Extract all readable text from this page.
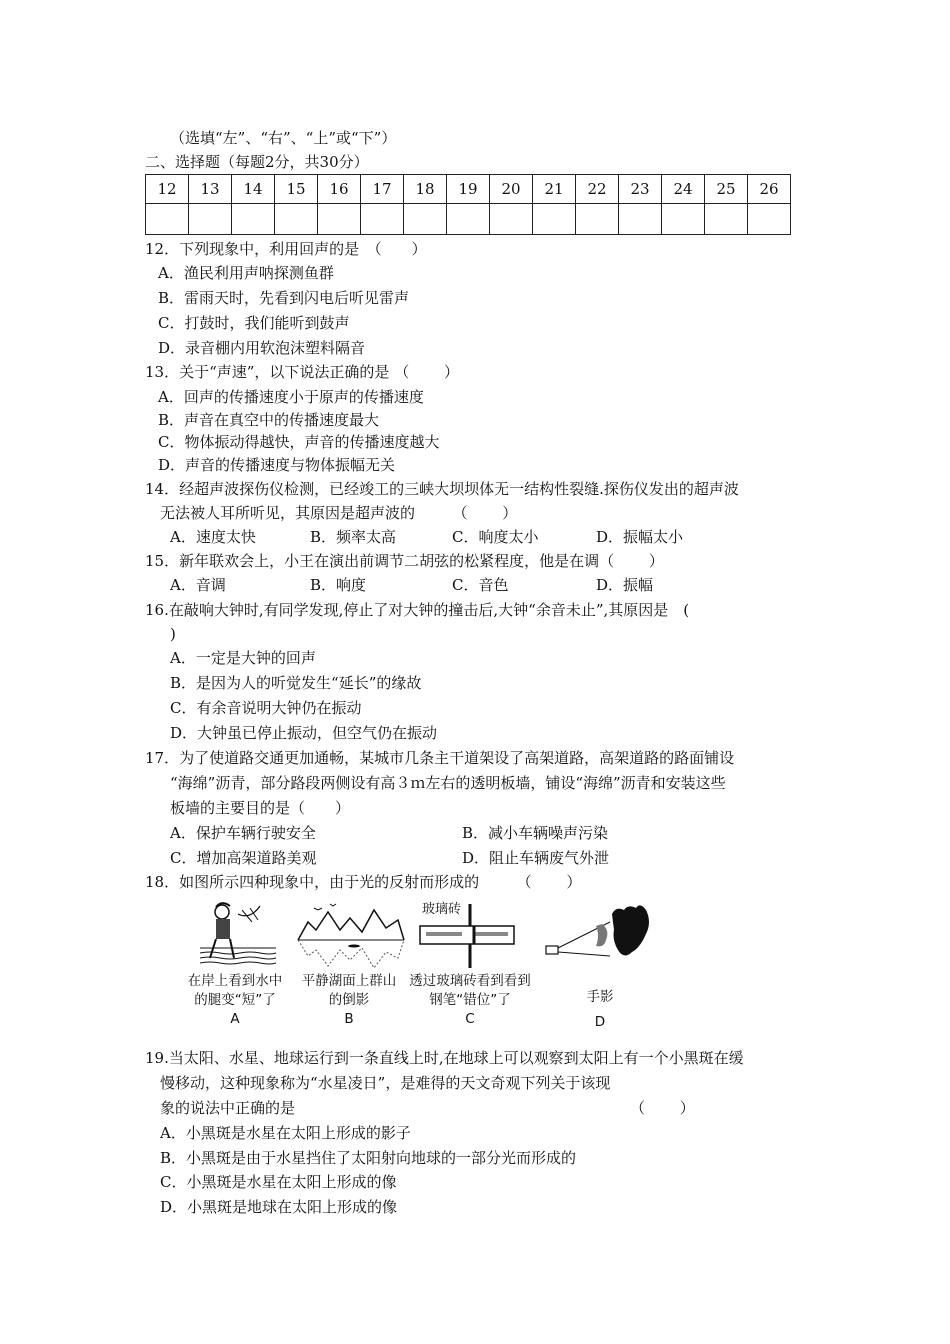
（选填“左”、“右”、“上”或“下”）
二、选择题（每题2分，共30分）
12	13	14	15	16	17	18	19	20	21	22	23	24	25	26

12．下列现象中，利用回声的是　（　　）
A．渔民利用声呐探测鱼群
B．雷雨天时，先看到闪电后听见雷声
C．打鼓时，我们能听到鼓声
D．录音棚内用软泡沫塑料隔音
13．关于“声速”，以下说法正确的是 （　　 ）
A．回声的传播速度小于原声的传播速度
B．声音在真空中的传播速度最大
C．物体振动得越快，声音的传播速度越大
D．声音的传播速度与物体振幅无关
14．经超声波探伤仪检测，已经竣工的三峡大坝坝体无一结构性裂缝.探伤仪发出的超声波
无法被人耳所听见，其原因是超声波的　　　（　　 ）
A．速度太快	B．频率太高	C．响度太小	D．振幅太小
15．新年联欢会上，小王在演出前调节二胡弦的松紧程度，他是在调（　　 ）
A．音调	B．响度	C．音色	D．振幅
16.在敲响大钟时,有同学发现,停止了对大钟的撞击后,大钟“余音未止”,其原因是　(
)
A．一定是大钟的回声
B．是因为人的听觉发生“延长”的缘故
C．有余音说明大钟仍在振动
D．大钟虽已停止振动，但空气仍在振动
17．为了使道路交通更加通畅，某城市几条主干道架设了高架道路，高架道路的路面铺设
“海绵”沥青，部分路段两侧设有高３ｍ左右的透明板墙，铺设“海绵”沥青和安装这些
板墙的主要目的是（　　）
A．保护车辆行驶安全	B．减小车辆噪声污染
C．增加高架道路美观	D．阻止车辆废气外泄
18．如图所示四种现象中，由于光的反射而形成的　　　（　　 ）
玻璃砖
在岸上看到水中
的腿变“短”了
A
平静湖面上群山
的倒影
B
透过玻璃砖看到看到
钢笔“错位”了
C
手影
D
19.当太阳、水星、地球运行到一条直线上时,在地球上可以观察到太阳上有一个小黑斑在缓
慢移动，这种现象称为“水星凌日”，是难得的天文奇观下列关于该现
象的说法中正确的是	（　　 ）
A．小黑斑是水星在太阳上形成的影子
B．小黑斑是由于水星挡住了太阳射向地球的一部分光而形成的
C．小黑斑是水星在太阳上形成的像
D．小黑斑是地球在太阳上形成的像
